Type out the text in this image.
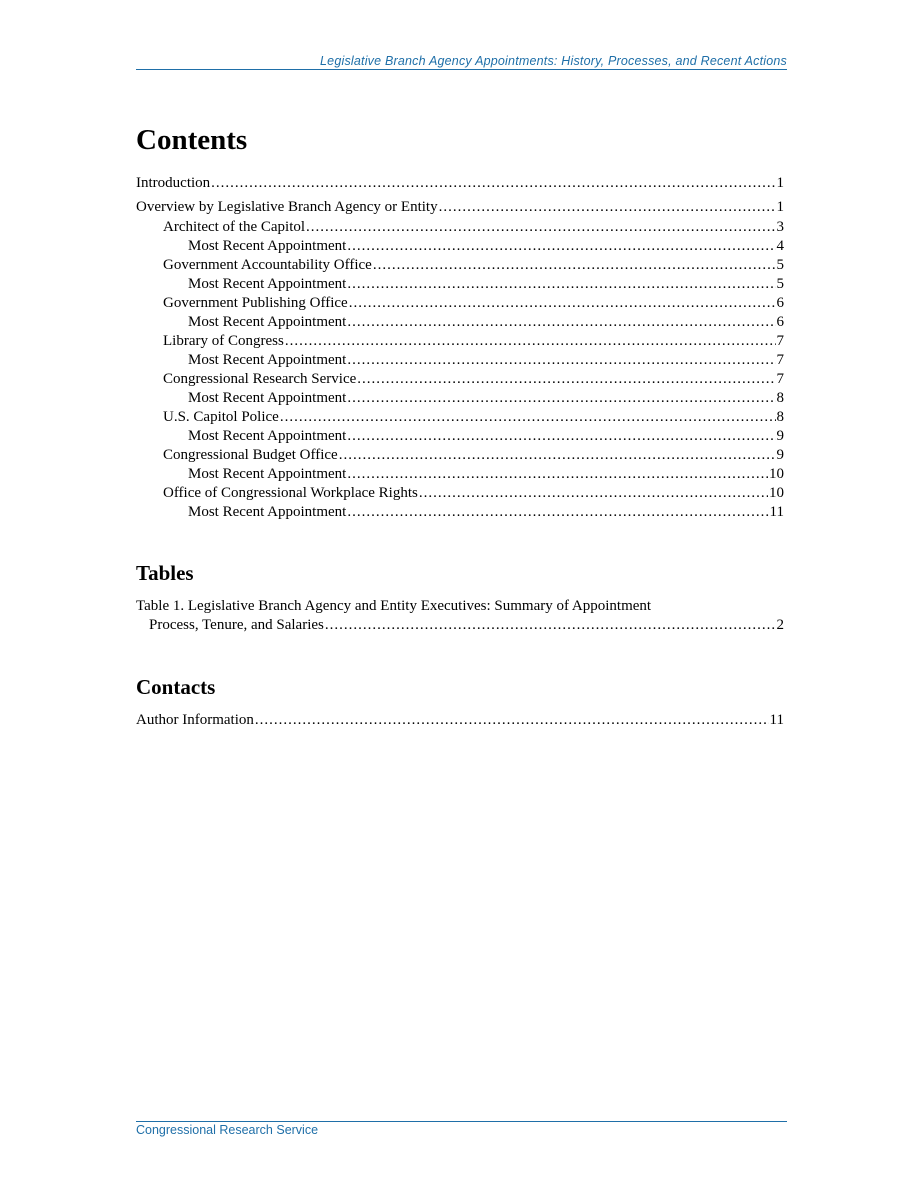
Legislative Branch Agency Appointments: History, Processes, and Recent Actions
Contents
Introduction .....	1
Overview by Legislative Branch Agency or Entity .....	1
Architect of the Capitol .....	3
Most Recent Appointment .....	4
Government Accountability Office .....	5
Most Recent Appointment .....	5
Government Publishing Office .....	6
Most Recent Appointment .....	6
Library of Congress .....	7
Most Recent Appointment .....	7
Congressional Research Service .....	7
Most Recent Appointment .....	8
U.S. Capitol Police .....	8
Most Recent Appointment .....	9
Congressional Budget Office .....	9
Most Recent Appointment .....	10
Office of Congressional Workplace Rights .....	10
Most Recent Appointment .....	11
Tables
Table 1. Legislative Branch Agency and Entity Executives: Summary of Appointment
Process, Tenure, and Salaries .....	2
Contacts
Author Information .....	11
Congressional Research Service
